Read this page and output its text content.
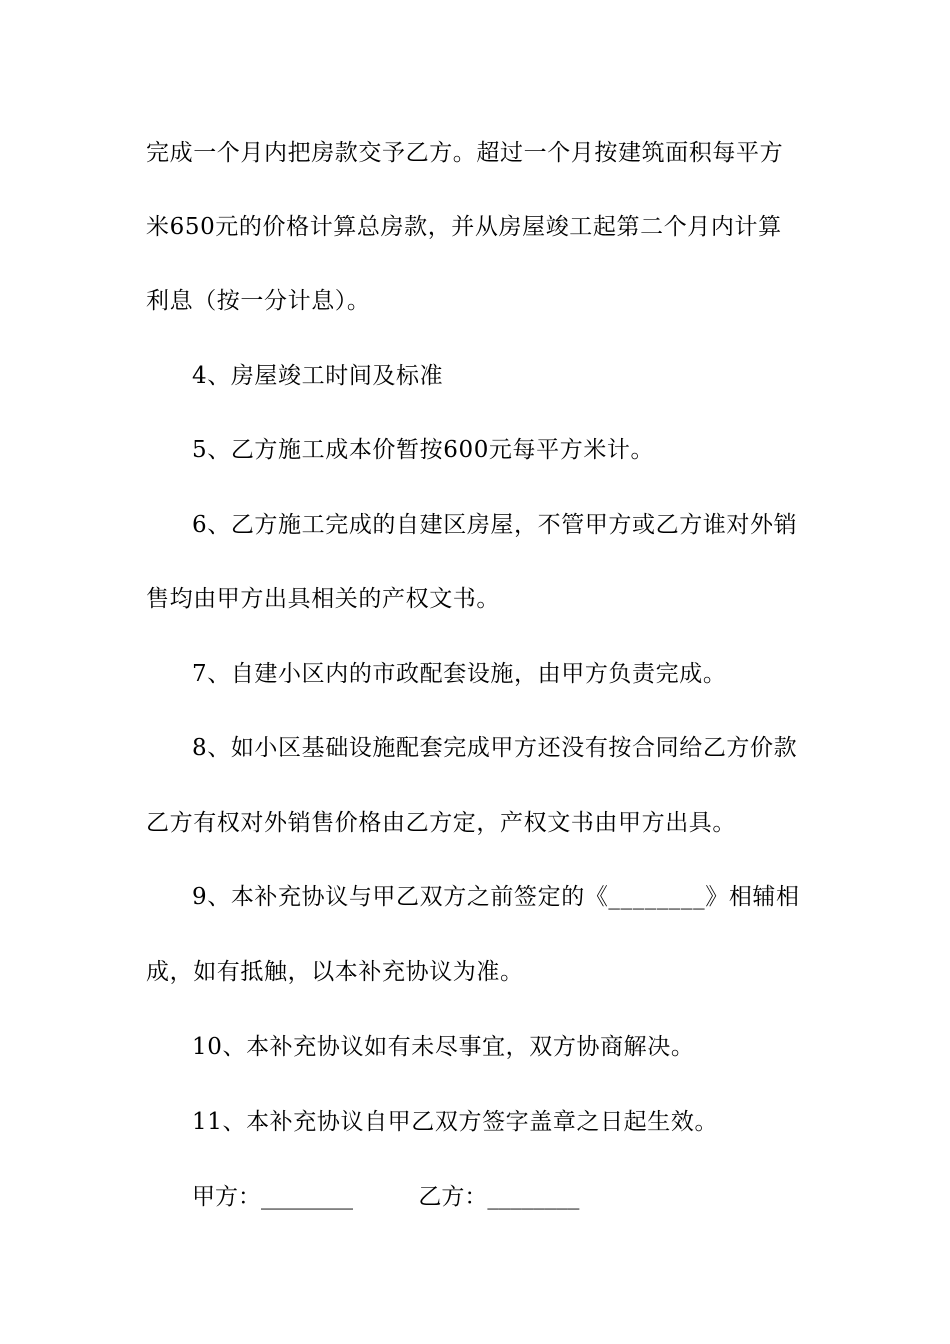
完成一个月内把房款交予乙方。超过一个月按建筑面积每平方
米650元的价格计算总房款，并从房屋竣工起第二个月内计算
利息（按一分计息）。
4、房屋竣工时间及标准
5、乙方施工成本价暂按600元每平方米计。
6、乙方施工完成的自建区房屋，不管甲方或乙方谁对外销
售均由甲方出具相关的产权文书。
7、自建小区内的市政配套设施，由甲方负责完成。
8、如小区基础设施配套完成甲方还没有按合同给乙方价款
乙方有权对外销售价格由乙方定，产权文书由甲方出具。
9、本补充协议与甲乙双方之前签定的《________》相辅相
成，如有抵触，以本补充协议为准。
10、本补充协议如有未尽事宜，双方协商解决。
11、本补充协议自甲乙双方签字盖章之日起生效。
甲方：________	乙方：________
